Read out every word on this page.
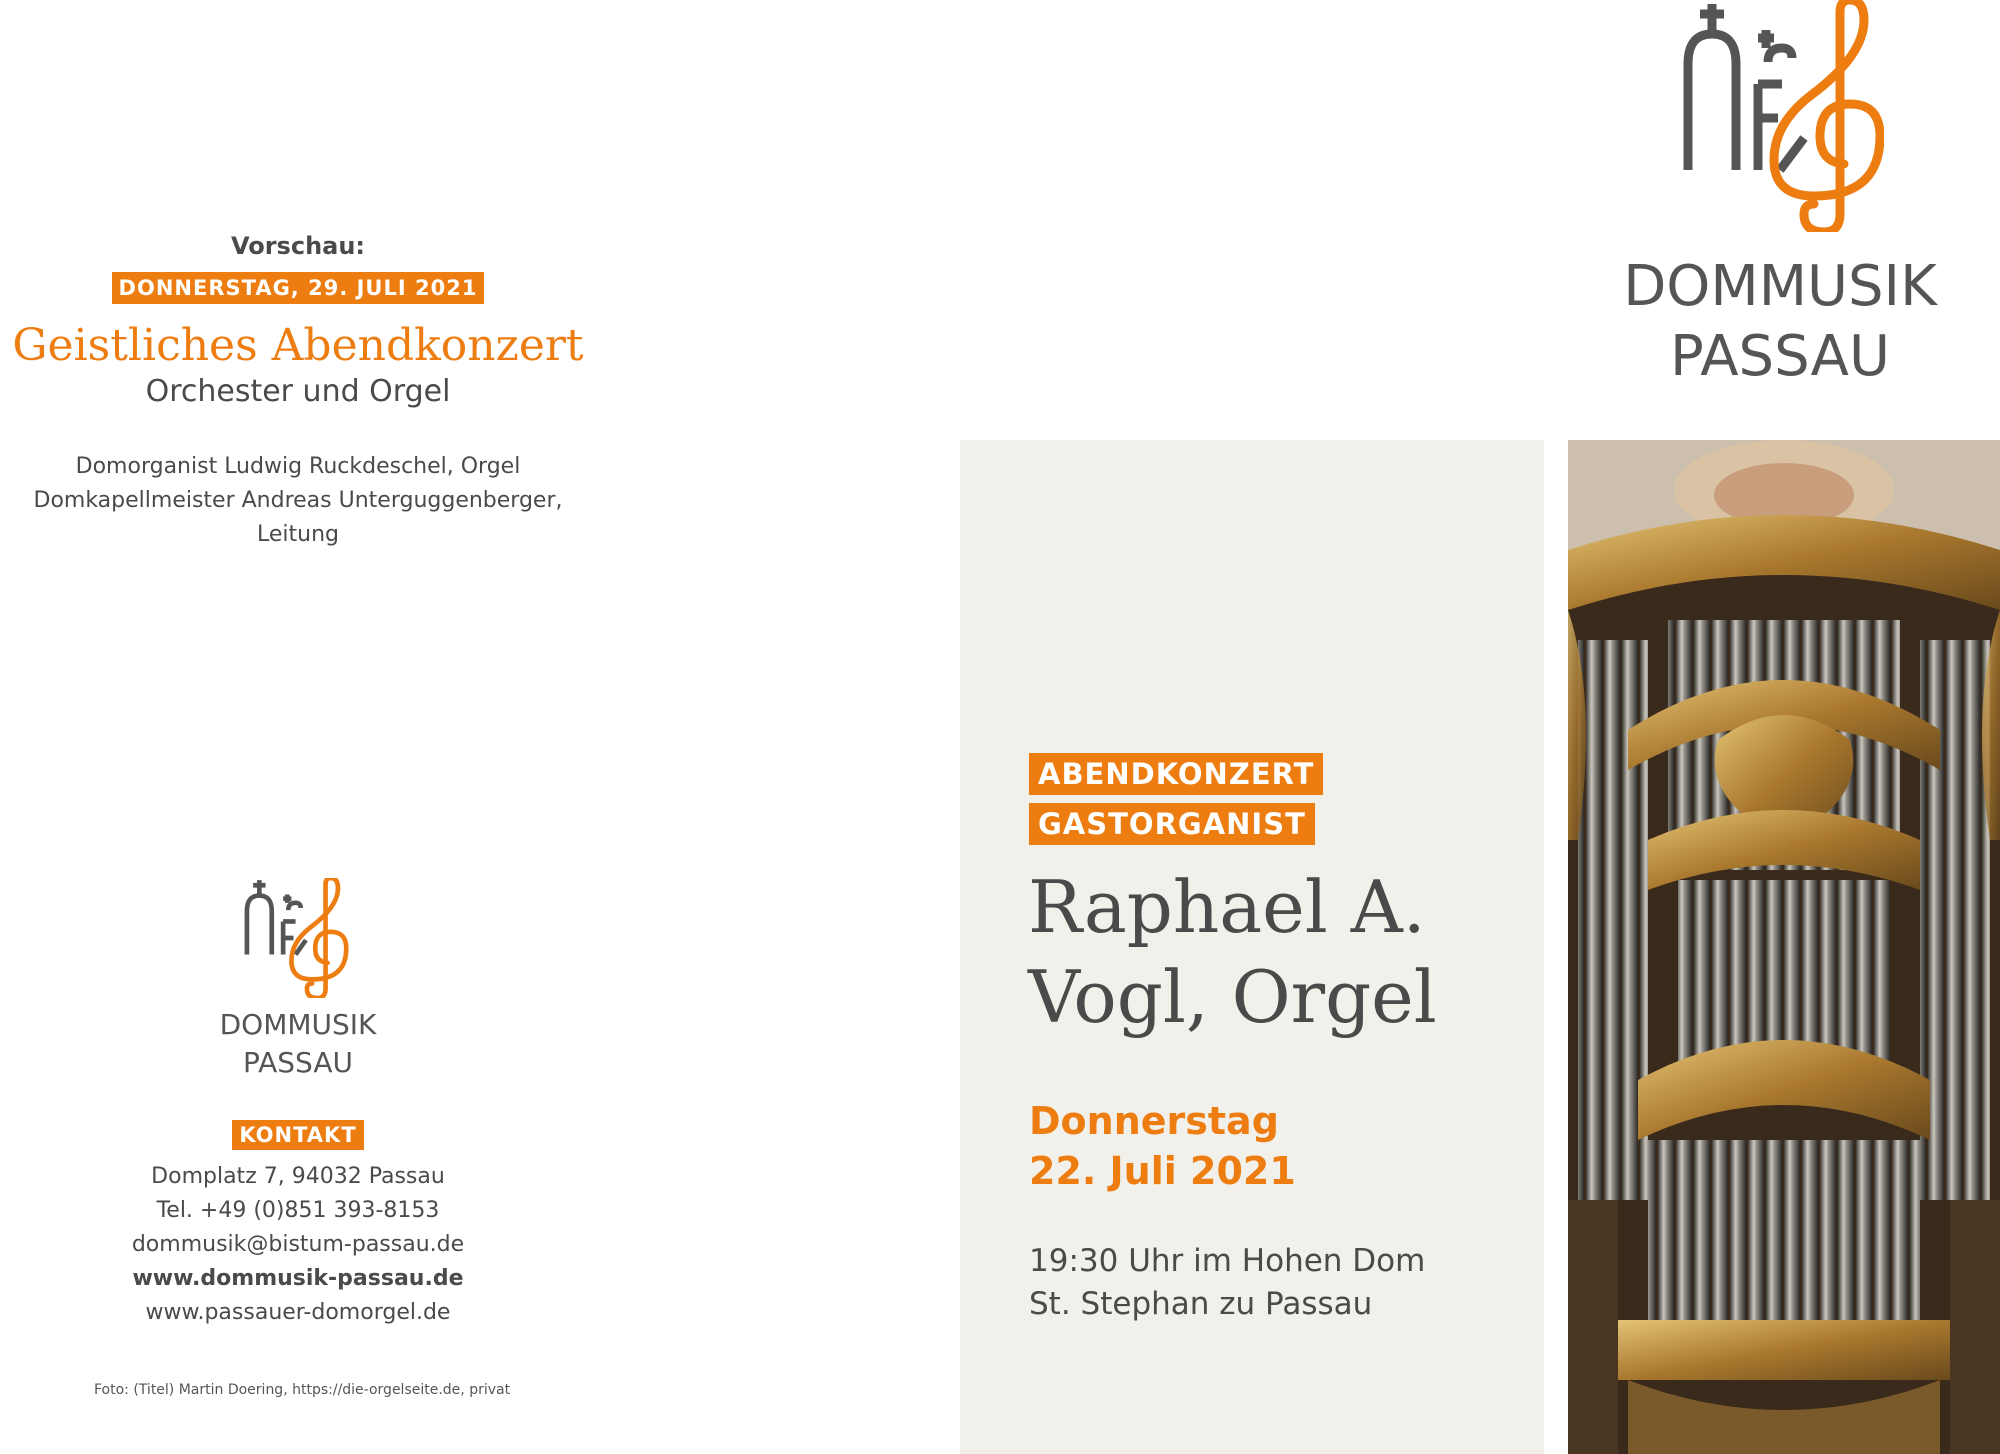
Vorschau:
DONNERSTAG, 29. JULI 2021
Geistliches Abendkonzert
Orchester und Orgel
Domorganist Ludwig Ruckdeschel, Orgel
Domkapellmeister Andreas Unterguggenberger, Leitung
DOMMUSIK
PASSAU
KONTAKT
Domplatz 7, 94032 Passau
Tel. +49 (0)851 393-8153
dommusik@bistum-passau.de
www.dommusik-passau.de
www.passauer-domorgel.de
Foto: (Titel) Martin Doering, https://die-orgelseite.de, privat
DOMMUSIK
PASSAU
ABENDKONZERT
GASTORGANIST
Raphael A.
Vogl, Orgel
Donnerstag
22. Juli 2021
19:30 Uhr im Hohen Dom
St. Stephan zu Passau
